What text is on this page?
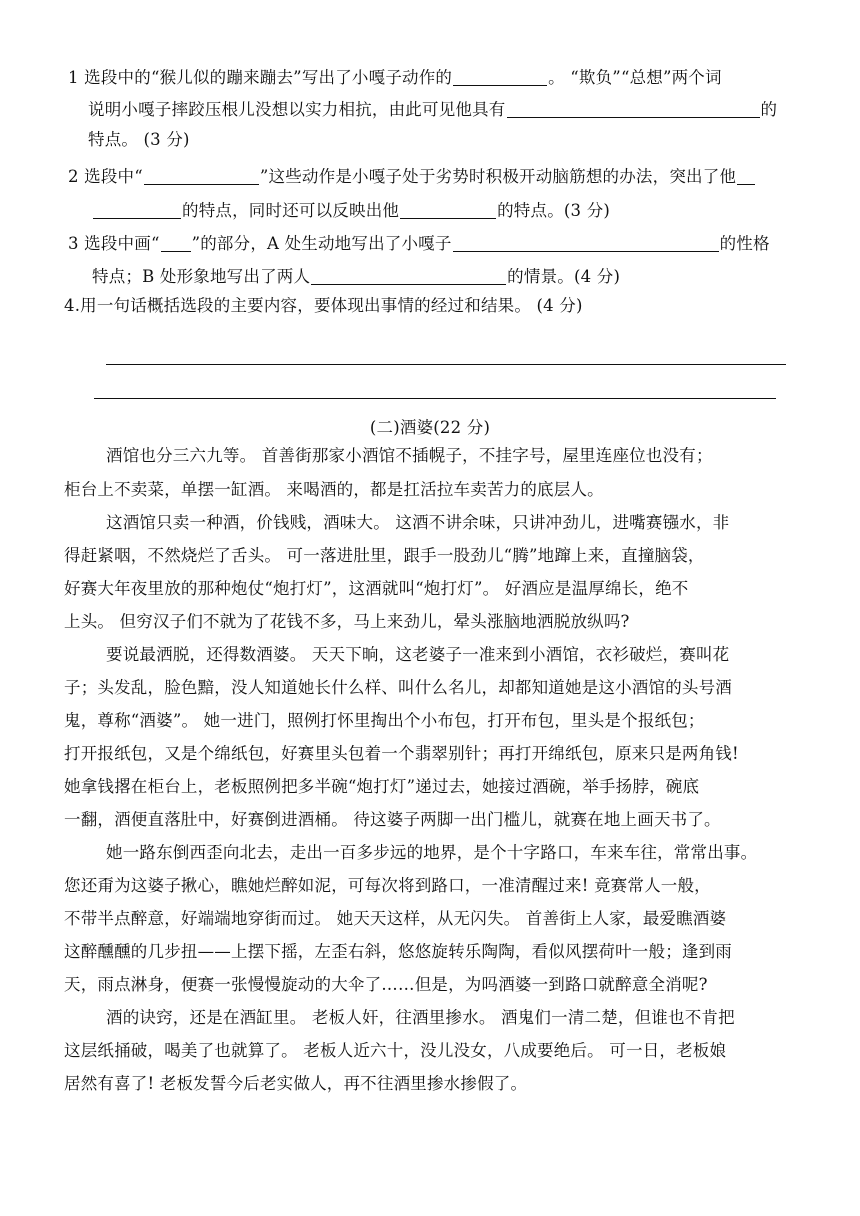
1 选段中的“猴儿似的蹦来蹦去”写出了小嘎子动作的	。 “欺负”“总想”两个词
说明小嘎子摔跤压根儿没想以实力相抗，由此可见他具有	的
特点。 (3 分)
2 选段中“	”这些动作是小嘎子处于劣势时积极开动脑筋想的办法，突出了他
的特点，同时还可以反映出他	的特点。(3 分)
3 选段中画“ ”的部分，A 处生动地写出了小嘎子	的性格
特点；B 处形象地写出了两人	的情景。(4 分)
4.用一句话概括选段的主要内容，要体现出事情的经过和结果。 (4 分)
(二)酒婆(22 分)
酒馆也分三六九等。 首善街那家小酒馆不插幌子，不挂字号，屋里连座位也没有；
柜台上不卖菜，单摆一缸酒。 来喝酒的，都是扛活拉车卖苦力的底层人。
这酒馆只卖一种酒，价钱贱，酒味大。 这酒不讲余味，只讲冲劲儿，进嘴赛镪水，非
得赶紧咽，不然烧烂了舌头。 可一落进肚里，跟手一股劲儿“腾”地蹿上来，直撞脑袋，
好赛大年夜里放的那种炮仗“炮打灯”，这酒就叫“炮打灯”。 好酒应是温厚绵长，绝不
上头。 但穷汉子们不就为了花钱不多，马上来劲儿，晕头涨脑地洒脱放纵吗?
要说最洒脱，还得数酒婆。 天天下晌，这老婆子一准来到小酒馆，衣衫破烂，赛叫花
子；头发乱，脸色黯，没人知道她长什么样、叫什么名儿，却都知道她是这小酒馆的头号酒
鬼，尊称“酒婆”。 她一进门，照例打怀里掏出个小布包，打开布包，里头是个报纸包；
打开报纸包，又是个绵纸包，好赛里头包着一个翡翠别针；再打开绵纸包，原来只是两角钱!
她拿钱撂在柜台上，老板照例把多半碗“炮打灯”递过去，她接过酒碗，举手扬脖，碗底
一翻，酒便直落肚中，好赛倒进酒桶。 待这婆子两脚一出门槛儿，就赛在地上画天书了。
她一路东倒西歪向北去，走出一百多步远的地界，是个十字路口，车来车往，常常出事。
您还甭为这婆子揪心，瞧她烂醉如泥，可每次将到路口，一准清醒过来! 竟赛常人一般，
不带半点醉意，好端端地穿街而过。 她天天这样，从无闪失。 首善街上人家，最爱瞧酒婆
这醉醺醺的几步扭——上摆下摇，左歪右斜，悠悠旋转乐陶陶，看似风摆荷叶一般；逢到雨
天，雨点淋身，便赛一张慢慢旋动的大伞了……但是，为吗酒婆一到路口就醉意全消呢?
酒的诀窍，还是在酒缸里。 老板人奸，往酒里掺水。 酒鬼们一清二楚，但谁也不肯把
这层纸捅破，喝美了也就算了。 老板人近六十，没儿没女，八成要绝后。 可一日，老板娘
居然有喜了! 老板发誓今后老实做人，再不往酒里掺水掺假了。
